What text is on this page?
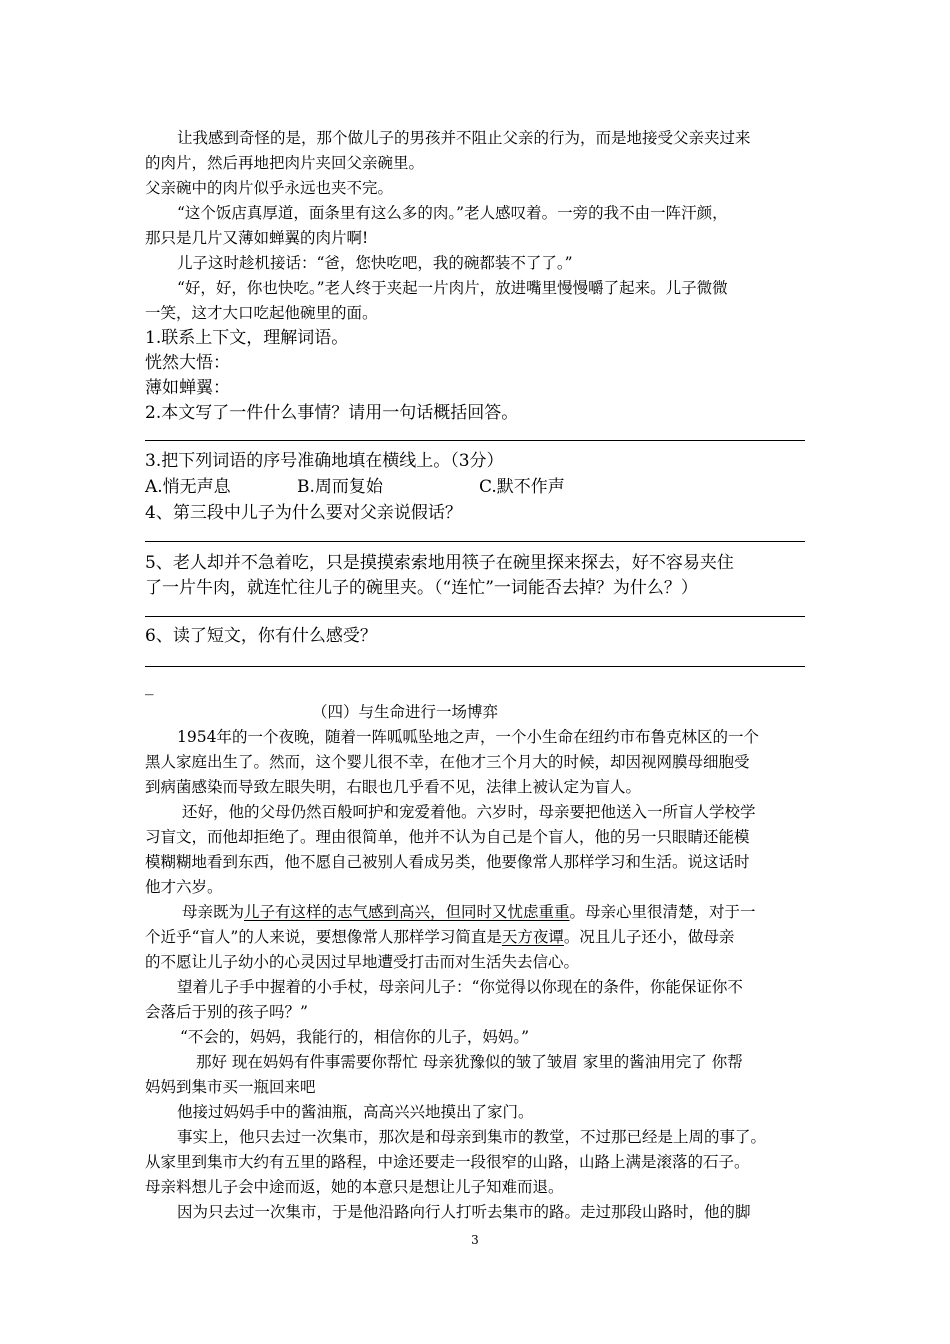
让我感到奇怪的是，那个做儿子的男孩并不阻止父亲的行为，而是地接受父亲夹过来
的肉片，然后再地把肉片夹回父亲碗里。
父亲碗中的肉片似乎永远也夹不完。
“这个饭店真厚道，面条里有这么多的肉。”老人感叹着。一旁的我不由一阵汗颜，
那只是几片又薄如蝉翼的肉片啊!
儿子这时趁机接话：“爸，您快吃吧，我的碗都装不了了。”
“好，好，你也快吃。”老人终于夹起一片肉片，放进嘴里慢慢嚼了起来。儿子微微
一笑，这才大口吃起他碗里的面。
1.联系上下文，理解词语。
恍然大悟：
薄如蝉翼：
2.本文写了一件什么事情？请用一句话概括回答。
3.把下列词语的序号准确地填在横线上。（3分）
A.悄无声息	B.周而复始	C.默不作声
4、第三段中儿子为什么要对父亲说假话？
5、老人却并不急着吃，只是摸摸索索地用筷子在碗里探来探去，好不容易夹住
了一片牛肉，就连忙往儿子的碗里夹。（“连忙”一词能否去掉？为什么？）
6、读了短文，你有什么感受？
_
（四）与生命进行一场博弈
1954年的一个夜晚，随着一阵呱呱坠地之声，一个小生命在纽约市布鲁克林区的一个
黑人家庭出生了。然而，这个婴儿很不幸，在他才三个月大的时候，却因视网膜母细胞受
到病菌感染而导致左眼失明，右眼也几乎看不见，法律上被认定为盲人。
还好，他的父母仍然百般呵护和宠爱着他。六岁时，母亲要把他送入一所盲人学校学
习盲文，而他却拒绝了。理由很简单，他并不认为自己是个盲人，他的另一只眼睛还能模
模糊糊地看到东西，他不愿自己被别人看成另类，他要像常人那样学习和生活。说这话时
他才六岁。
母亲既为儿子有这样的志气感到高兴，但同时又忧虑重重。母亲心里很清楚，对于一
个近乎“盲人”的人来说，要想像常人那样学习简直是天方夜谭。况且儿子还小，做母亲
的不愿让儿子幼小的心灵因过早地遭受打击而对生活失去信心。
望着儿子手中握着的小手杖，母亲问儿子：“你觉得以你现在的条件，你能保证你不
会落后于别的孩子吗？”
“不会的，妈妈，我能行的，相信你的儿子，妈妈。”
那好 现在妈妈有件事需要你帮忙 母亲犹豫似的皱了皱眉 家里的酱油用完了 你帮
妈妈到集市买一瓶回来吧
他接过妈妈手中的酱油瓶，高高兴兴地摸出了家门。
事实上，他只去过一次集市，那次是和母亲到集市的教堂，不过那已经是上周的事了。
从家里到集市大约有五里的路程，中途还要走一段很窄的山路，山路上满是滚落的石子。
母亲料想儿子会中途而返，她的本意只是想让儿子知难而退。
因为只去过一次集市，于是他沿路向行人打听去集市的路。走过那段山路时，他的脚
3
